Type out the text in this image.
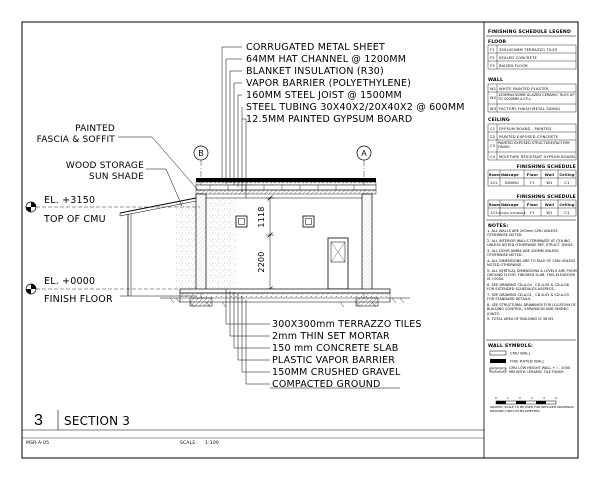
B	A
1118
2200
EL. +3150
TOP OF CMU
EL. +0000
FINISH FLOOR
PAINTED
FASCIA & SOFFIT
WOOD STORAGE
SUN SHADE
CORRUGATED METAL SHEET
64MM HAT CHANNEL @ 1200MM
BLANKET INSULATION (R30)
VAPOR BARRIER (POLYETHYLENE)
160MM STEEL JOIST @ 1500MM
STEEL TUBING 30X40X2/20X40X2 @ 600MM
12.5MM PAINTED GYPSUM BOARD
300X300mm TERRAZZO TILES
2mm THIN SET MORTAR
150 mm CONCRETE SLAB
PLASTIC VAPOR BARRIER
150MM CRUSHED GRAVEL
COMPACTED GROUND
3 SECTION 3
MSR-A-05	SCALE: 1:100
FINISHING SCHEDULE LEGEND
FLOOR
F1 300x300MM TERRAZZO TILES
F2 SEALED CONCRETE
F3 RAISED FLOOR
WALL
W1 WHITE PAINTED PLASTER
W2
150MMx150MM GLAZED CERAMIC TILES UP TO 2000MM A.F.F.L.
W3 FACTORY FINISH METAL SIDING
CEILING
C1 GYPSUM BOARD - PAINTED
C2 PAINTED EXPOSED CONCRETE
C3
PAINTED EXPOSED STRUCTURE/FACTORY FINISH
C4 MOISTURE RESISTANT GYPSUM BOARD
FINISHING SCHEDULE
Room No.
Usage Floor Wall Ceiling
101 DINING	F1	W1	C1
FINISHING SCHEDULE
Room No.
Usage Floor Wall Ceiling
101 WOOD STORAGE F1	W1	C1
NOTES:
1- ALL WALLS ARE 200mm CMU UNLESS OTHERWISE NOTED.
2- ALL INTERIOR WALLS TERMINATE AT CEILING UNLESS NOTED OTHERWISE REF. STRUCT. DWGS.
3- ALL DOOR JAMBS ARE 200MM UNLESS OTHERWISE NOTED.
4- ALL DIMENSIONS ARE TO FACE OF CMU UNLESS NOTED OTHERWISE.
5- ALL VERTICAL DIMENSIONS & LEVELS ARE FROM GROUND FLOOR. FINISHED SLAB. THIS ELEVATION IS +0000.
6- SEE DRAWING CD-A-04 , CD-A-05 & CD-A-06 FOR EXTENDED SCHEDULES ASSPECS.
7- SEE DRAWING CD-A-01 , CD-A-02 & CD-A-03 FOR STANDARD DETAILS.
8- SEE STRUCTURAL DRAWINGS FOR LOCATION OF BUILDING CONTROL, EXPANSION AND SEISMIC JOINTS.
9- TOTAL AREA OF BUILDING IS 36 M2.
WALL SYMBOLS:
CMU WALL
FIRE RATED WALL
CMU LOW HEIGHT WALL + / - 2000 MM WITH CERAMIC TILE FINISH
0	1	2	3	4	5
GRAPHIC SCALE TO BE USED FOR REDUCED DRAWINGS. DRAWING UNITS IN MILLIMETERS.
